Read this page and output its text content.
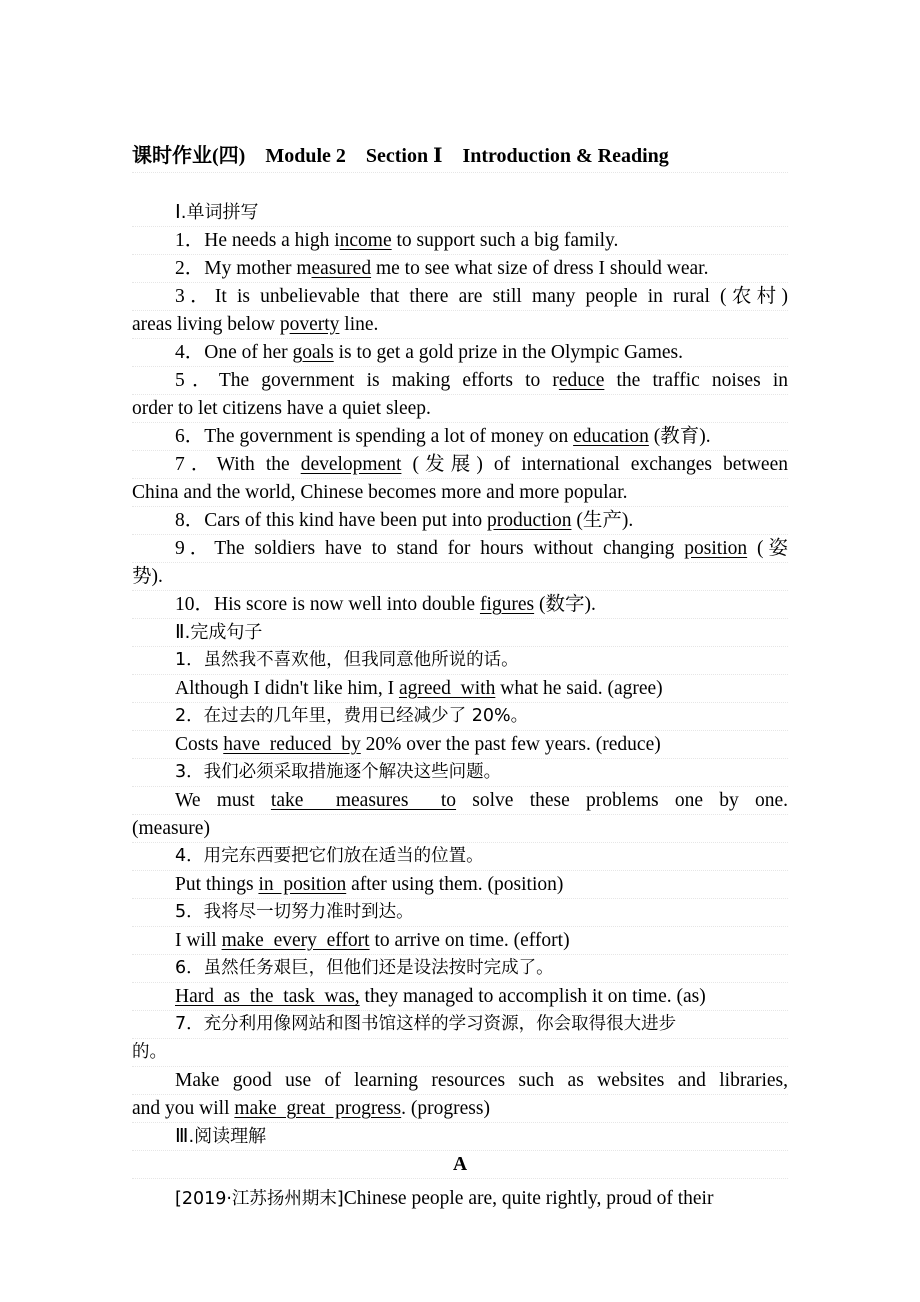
课时作业(四)　Module 2　Section Ⅰ　Introduction & Reading
Ⅰ.单词拼写
1．He needs a high income to support such a big family.
2．My mother measured me to see what size of dress I should wear.
3．It is unbelievable that there are still many people in rural (农村)
areas living below poverty line.
4．One of her goals is to get a gold prize in the Olympic Games.
5．The government is making efforts to reduce the traffic noises in
order to let citizens have a quiet sleep.
6．The government is spending a lot of money on education (教育).
7．With the development (发展) of international exchanges between
China and the world, Chinese becomes more and more popular.
8．Cars of this kind have been put into production (生产).
9．The soldiers have to stand for hours without changing position (姿
势).
10．His score is now well into double figures (数字).
Ⅱ.完成句子
1．虽然我不喜欢他，但我同意他所说的话。
Although I didn't like him, I agreed  with what he said. (agree)
2．在过去的几年里，费用已经减少了 20%。
Costs have  reduced  by 20% over the past few years. (reduce)
3．我们必须采取措施逐个解决这些问题。
We must take  measures  to solve these problems one by one.
(measure)
4．用完东西要把它们放在适当的位置。
Put things in  position after using them. (position)
5．我将尽一切努力准时到达。
I will make  every  effort to arrive on time. (effort)
6．虽然任务艰巨，但他们还是设法按时完成了。
Hard  as  the  task  was, they managed to accomplish it on time. (as)
7．充分利用像网站和图书馆这样的学习资源，你会取得很大进步
的。
Make good use of learning resources such as websites and libraries,
and you will make  great  progress. (progress)
Ⅲ.阅读理解
A
[2019·江苏扬州期末]Chinese people are, quite rightly, proud of their
